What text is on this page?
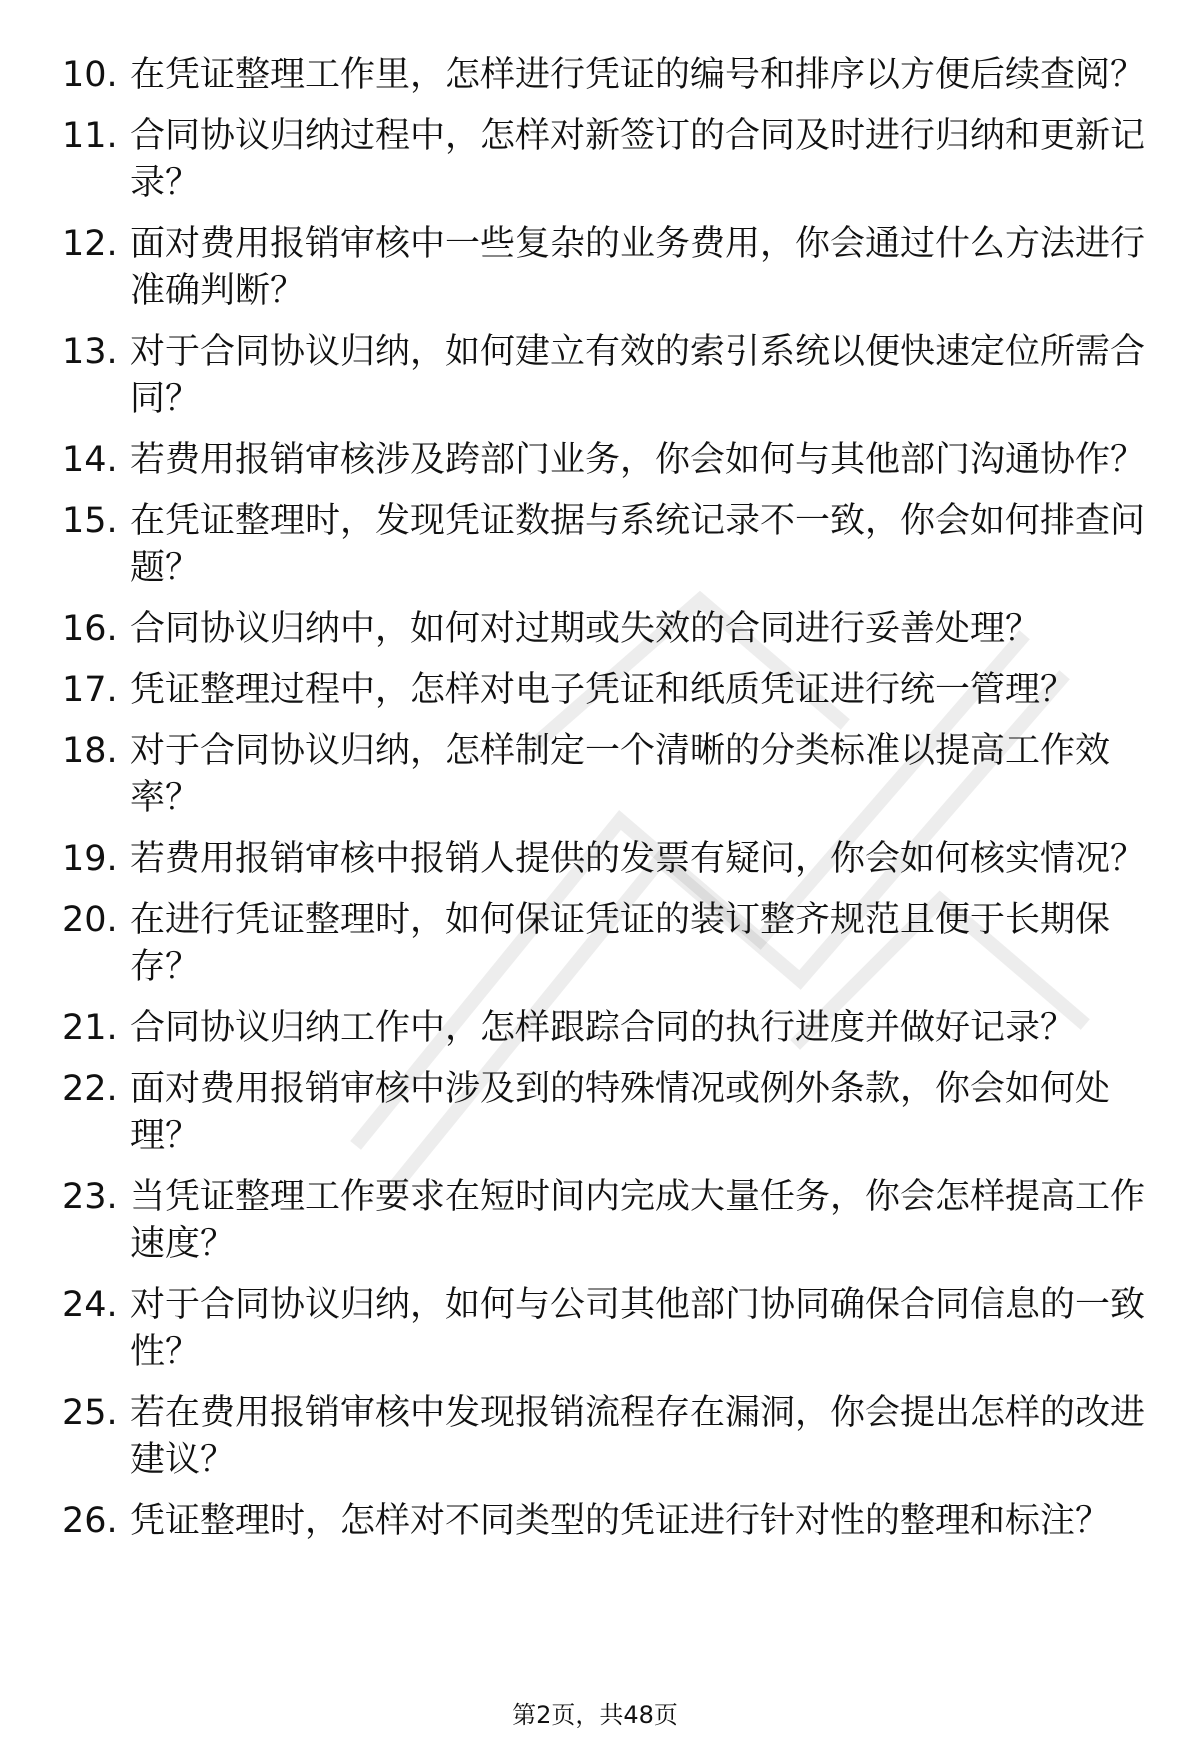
10. 在凭证整理工作里，怎样进行凭证的编号和排序以方便后续查阅？
11. 合同协议归纳过程中，怎样对新签订的合同及时进行归纳和更新记录？
12. 面对费用报销审核中一些复杂的业务费用，你会通过什么方法进行准确判断？
13. 对于合同协议归纳，如何建立有效的索引系统以便快速定位所需合同？
14. 若费用报销审核涉及跨部门业务，你会如何与其他部门沟通协作？
15. 在凭证整理时，发现凭证数据与系统记录不一致，你会如何排查问题？
16. 合同协议归纳中，如何对过期或失效的合同进行妥善处理？
17. 凭证整理过程中，怎样对电子凭证和纸质凭证进行统一管理？
18. 对于合同协议归纳，怎样制定一个清晰的分类标准以提高工作效率？
19. 若费用报销审核中报销人提供的发票有疑问，你会如何核实情况？
20. 在进行凭证整理时，如何保证凭证的装订整齐规范且便于长期保存？
21. 合同协议归纳工作中，怎样跟踪合同的执行进度并做好记录？
22. 面对费用报销审核中涉及到的特殊情况或例外条款，你会如何处理？
23. 当凭证整理工作要求在短时间内完成大量任务，你会怎样提高工作速度？
24. 对于合同协议归纳，如何与公司其他部门协同确保合同信息的一致性？
25. 若在费用报销审核中发现报销流程存在漏洞，你会提出怎样的改进建议？
26. 凭证整理时，怎样对不同类型的凭证进行针对性的整理和标注？
第2页，共48页
